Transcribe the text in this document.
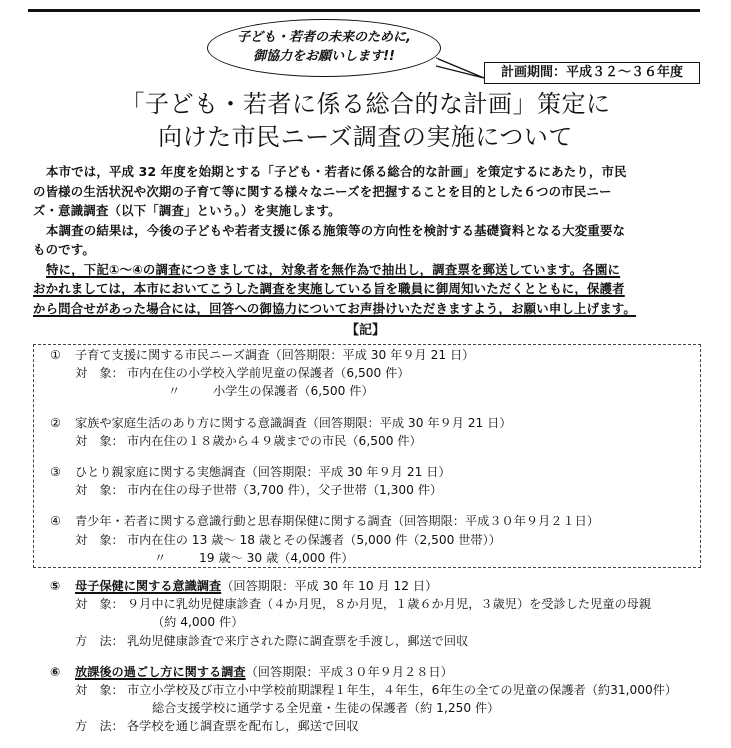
子ども・若者の未来のために,
御協力をお願いします!!
計画期間：平成３２～３６年度
「子ども・若者に係る総合的な計画」策定に
向けた市民ニーズ調査の実施について
本市では，平成 32 年度を始期とする「子ども・若者に係る総合的な計画」を策定するにあたり，市民
の皆様の生活状況や次期の子育て等に関する様々なニーズを把握することを目的とした６つの市民ニー
ズ・意識調査（以下「調査」という。）を実施します。
本調査の結果は，今後の子どもや若者支援に係る施策等の方向性を検討する基礎資料となる大変重要な
ものです。
特に，下記①～④の調査につきましては，対象者を無作為で抽出し，調査票を郵送しています。各園に
おかれましては，本市においてこうした調査を実施している旨を職員に御周知いただくとともに，保護者
から問合せがあった場合には，回答への御協力についてお声掛けいただきますよう，お願い申し上げます。
【記】
① 子育て支援に関する市民ニーズ調査（回答期限：平成 30 年９月 21 日）
対　象： 市内在住の小学校入学前児童の保護者（6,500 件）
〃	小学生の保護者（6,500 件）
② 家族や家庭生活のあり方に関する意識調査（回答期限：平成 30 年９月 21 日）
対　象： 市内在住の１８歳から４９歳までの市民（6,500 件）
③ ひとり親家庭に関する実態調査（回答期限：平成 30 年９月 21 日）
対　象： 市内在住の母子世帯（3,700 件），父子世帯（1,300 件）
④ 青少年・若者に関する意識行動と思春期保健に関する調査（回答期限：平成３０年９月２１日）
対　象： 市内在住の 13 歳～ 18 歳とその保護者（5,000 件（2,500 世帯））
〃	19 歳～ 30 歳（4,000 件）
⑤ 母子保健に関する意識調査（回答期限：平成 30 年 10 月 12 日）
対　象： ９月中に乳幼児健康診査（４か月児，８か月児，１歳６か月児，３歳児）を受診した児童の母親
（約 4,000 件）
方　法： 乳幼児健康診査で来庁された際に調査票を手渡し，郵送で回収
⑥ 放課後の過ごし方に関する調査（回答期限：平成３０年９月２８日）
対　象： 市立小学校及び市立小中学校前期課程１年生，４年生，6年生の全ての児童の保護者（約31,000件）
総合支援学校に通学する全児童・生徒の保護者（約 1,250 件）
方　法： 各学校を通じ調査票を配布し，郵送で回収
